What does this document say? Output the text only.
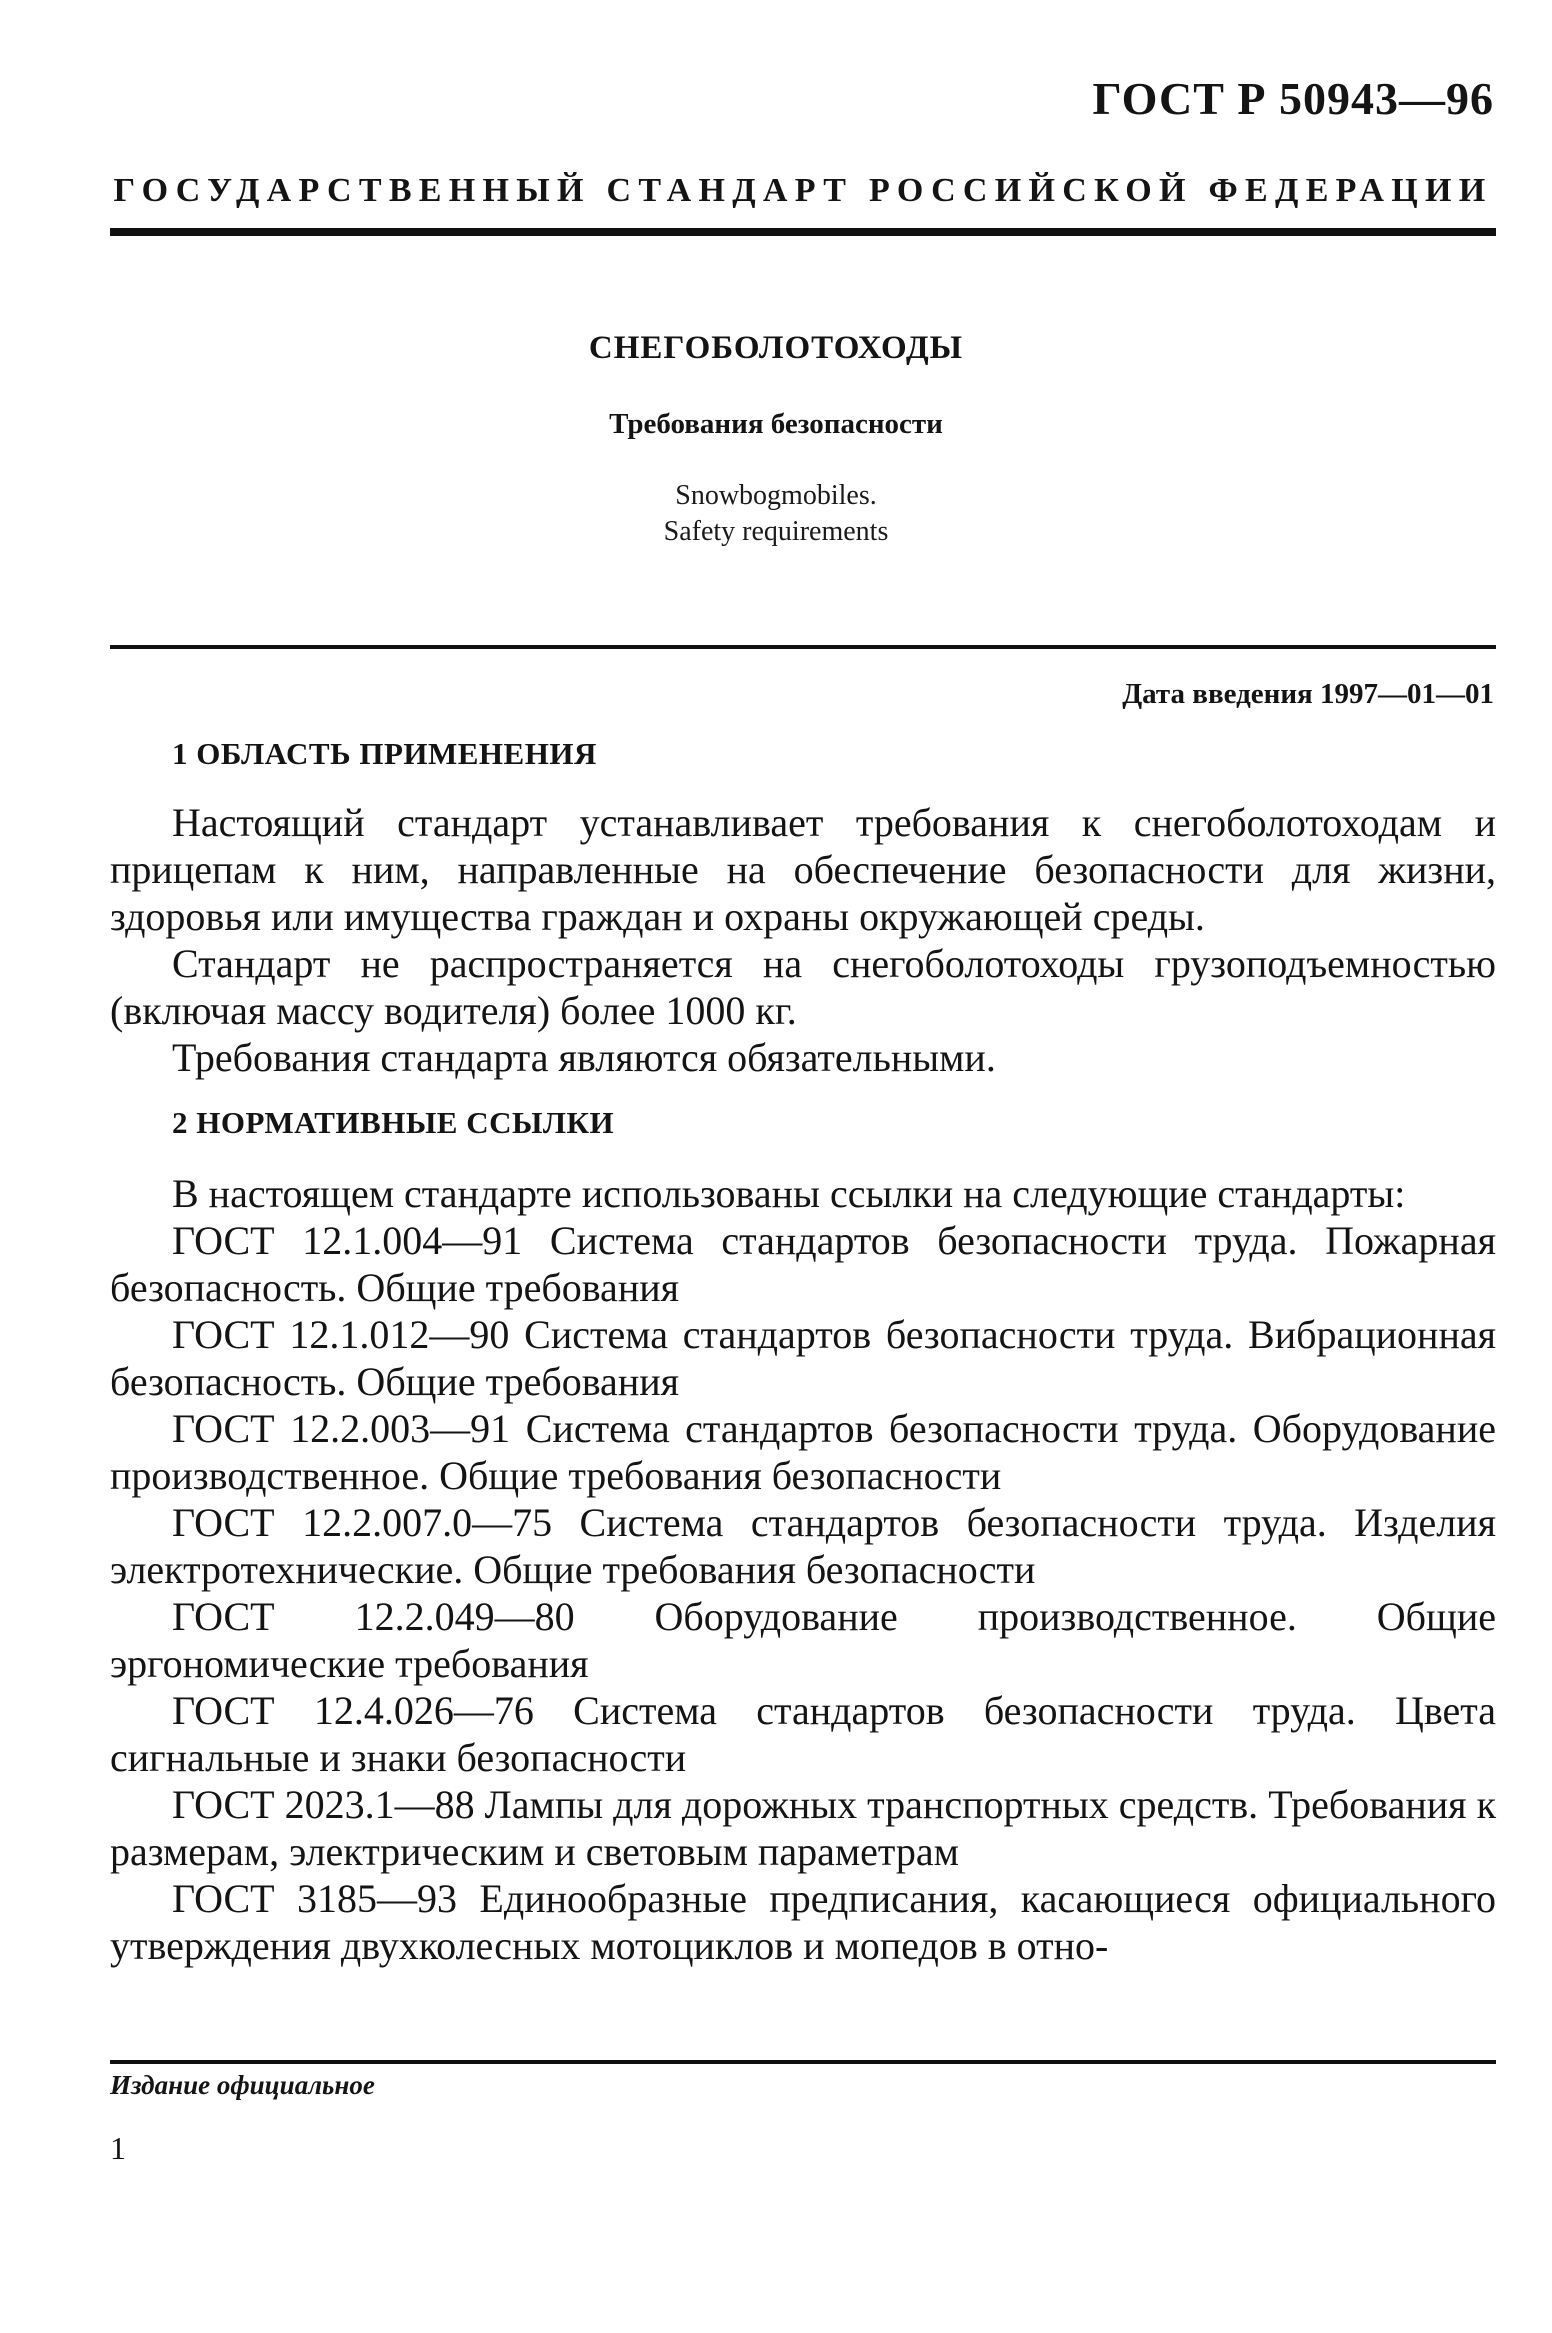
ГОСТ Р 50943—96
ГОСУДАРСТВЕННЫЙ СТАНДАРТ РОССИЙСКОЙ ФЕДЕРАЦИИ
СНЕГОБОЛОТОХОДЫ
Требования безопасности
Snowbogmobiles.
Safety requirements
Дата введения 1997—01—01
1 ОБЛАСТЬ ПРИМЕНЕНИЯ

Настоящий стандарт устанавливает требования к снегоболотоходам и прицепам к ним, направленные на обеспечение безопасности для жизни, здоровья или имущества граждан и охраны окружающей среды.

Стандарт не распространяется на снегоболотоходы грузоподъемностью (включая массу водителя) более 1000 кг.

Требования стандарта являются обязательными.

2 НОРМАТИВНЫЕ ССЫЛКИ

В настоящем стандарте использованы ссылки на следующие стандарты:

ГОСТ 12.1.004—91 Система стандартов безопасности труда. Пожарная безопасность. Общие требования

ГОСТ 12.1.012—90 Система стандартов безопасности труда. Вибрационная безопасность. Общие требования

ГОСТ 12.2.003—91 Система стандартов безопасности труда. Оборудование производственное. Общие требования безопасности

ГОСТ 12.2.007.0—75 Система стандартов безопасности труда. Изделия электротехнические. Общие требования безопасности

ГОСТ 12.2.049—80 Оборудование производственное. Общие эргономические требования

ГОСТ 12.4.026—76 Система стандартов безопасности труда. Цвета сигнальные и знаки безопасности

ГОСТ 2023.1—88 Лампы для дорожных транспортных средств. Требования к размерам, электрическим и световым параметрам

ГОСТ 3185—93 Единообразные предписания, касающиеся официального утверждения двухколесных мотоциклов и мопедов в отно-

Издание официальное
1
